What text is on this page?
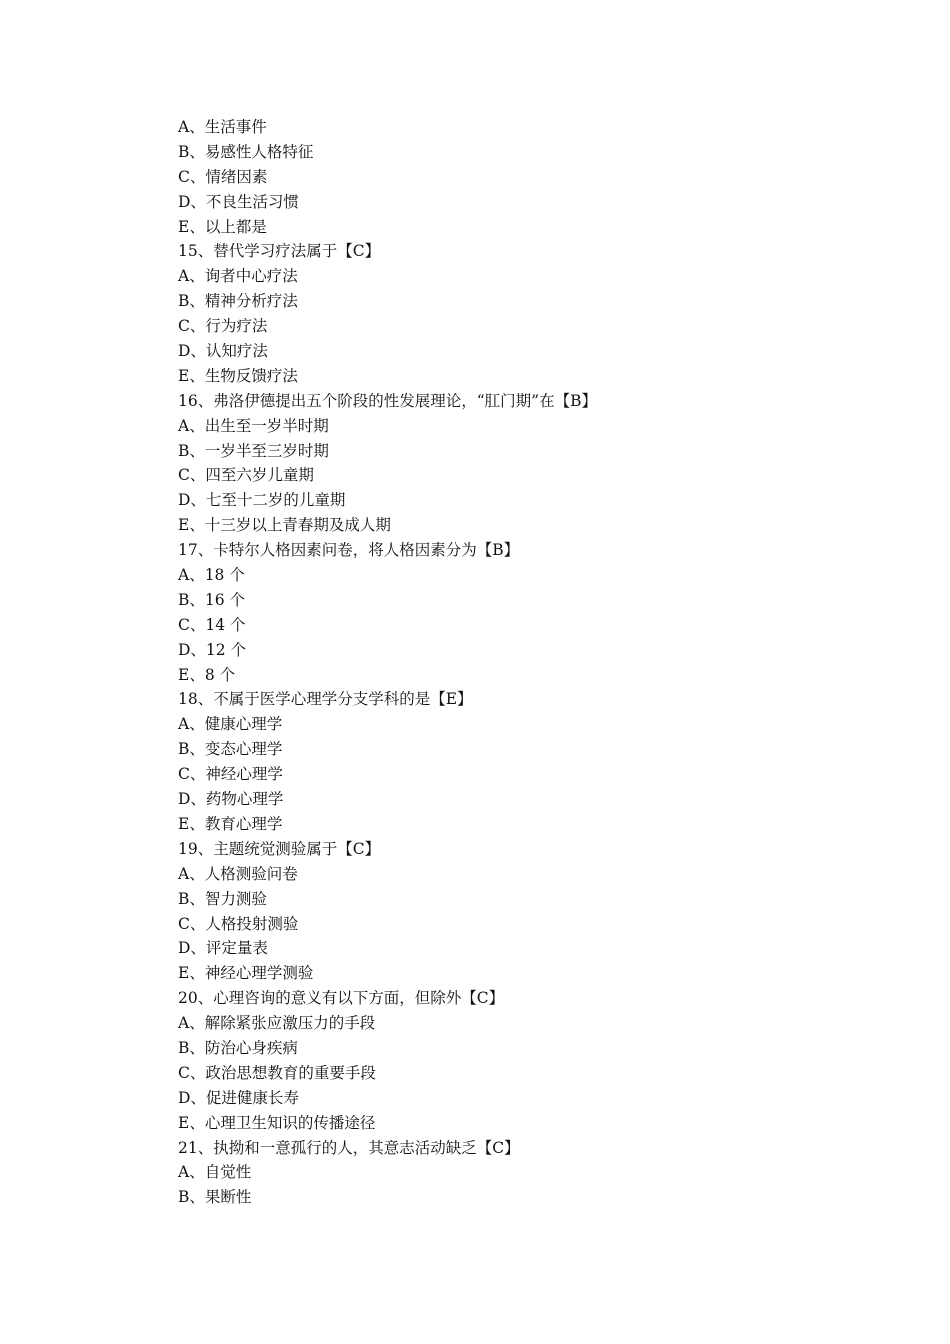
A、生活事件
B、易感性人格特征
C、情绪因素
D、不良生活习惯
E、以上都是
15、替代学习疗法属于【C】
A、询者中心疗法
B、精神分析疗法
C、行为疗法
D、认知疗法
E、生物反馈疗法
16、弗洛伊德提出五个阶段的性发展理论，“肛门期”在【B】
A、出生至一岁半时期
B、一岁半至三岁时期
C、四至六岁儿童期
D、七至十二岁的儿童期
E、十三岁以上青春期及成人期
17、卡特尔人格因素问卷，将人格因素分为【B】
A、18 个
B、16 个
C、14 个
D、12 个
E、8 个
18、不属于医学心理学分支学科的是【E】
A、健康心理学
B、变态心理学
C、神经心理学
D、药物心理学
E、教育心理学
19、主题统觉测验属于【C】
A、人格测验问卷
B、智力测验
C、人格投射测验
D、评定量表
E、神经心理学测验
20、心理咨询的意义有以下方面，但除外【C】
A、解除紧张应激压力的手段
B、防治心身疾病
C、政治思想教育的重要手段
D、促进健康长寿
E、心理卫生知识的传播途径
21、执拗和一意孤行的人，其意志活动缺乏【C】
A、自觉性
B、果断性
